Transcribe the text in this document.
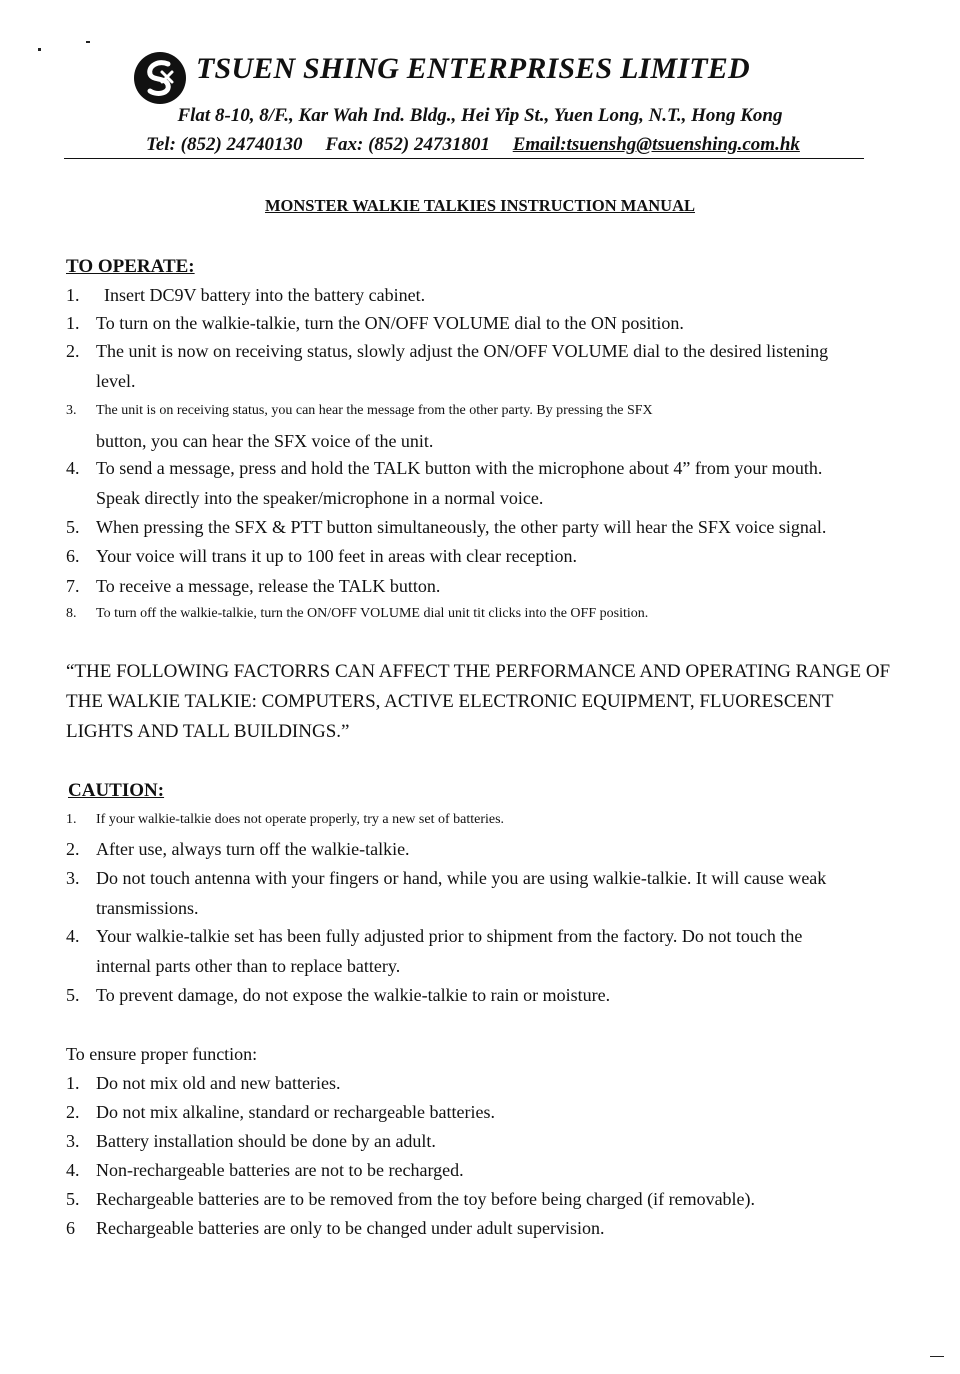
TSUEN SHING ENTERPRISES LIMITED
Flat 8-10, 8/F., Kar Wah Ind. Bldg., Hei Yip St., Yuen Long, N.T., Hong Kong
Tel: (852) 24740130 Fax: (852) 24731801 Email:tsuenshg@tsuenshing.com.hk
MONSTER WALKIE TALKIES INSTRUCTION MANUAL
TO OPERATE:
1.	Insert DC9V battery into the battery cabinet.
1. To turn on the walkie-talkie, turn the ON/OFF VOLUME dial to the ON position.
2. The unit is now on receiving status, slowly adjust the ON/OFF VOLUME dial to the desired listening
level.
3.	The unit is on receiving status, you can hear the message from the other party. By pressing the SFX
button, you can hear the SFX voice of the unit.
4. To send a message, press and hold the TALK button with the microphone about 4” from your mouth.
Speak directly into the speaker/microphone in a normal voice.
5. When pressing the SFX & PTT button simultaneously, the other party will hear the SFX voice signal.
6. Your voice will trans it up to 100 feet in areas with clear reception.
7. To receive a message, release the TALK button.
8.	To turn off the walkie-talkie, turn the ON/OFF VOLUME dial unit tit clicks into the OFF position.
“THE FOLLOWING FACTORRS CAN AFFECT THE PERFORMANCE AND OPERATING RANGE OF THE WALKIE TALKIE: COMPUTERS, ACTIVE ELECTRONIC EQUIPMENT, FLUORESCENT LIGHTS AND TALL BUILDINGS.”
CAUTION:
1.	If your walkie-talkie does not operate properly, try a new set of batteries.
2. After use, always turn off the walkie-talkie.
3. Do not touch antenna with your fingers or hand, while you are using walkie-talkie. It will cause weak
transmissions.
4. Your walkie-talkie set has been fully adjusted prior to shipment from the factory. Do not touch the
internal parts other than to replace battery.
5. To prevent damage, do not expose the walkie-talkie to rain or moisture.
To ensure proper function:
1. Do not mix old and new batteries.
2. Do not mix alkaline, standard or rechargeable batteries.
3. Battery installation should be done by an adult.
4. Non-rechargeable batteries are not to be recharged.
5. Rechargeable batteries are to be removed from the toy before being charged (if removable).
6	Rechargeable batteries are only to be changed under adult supervision.
